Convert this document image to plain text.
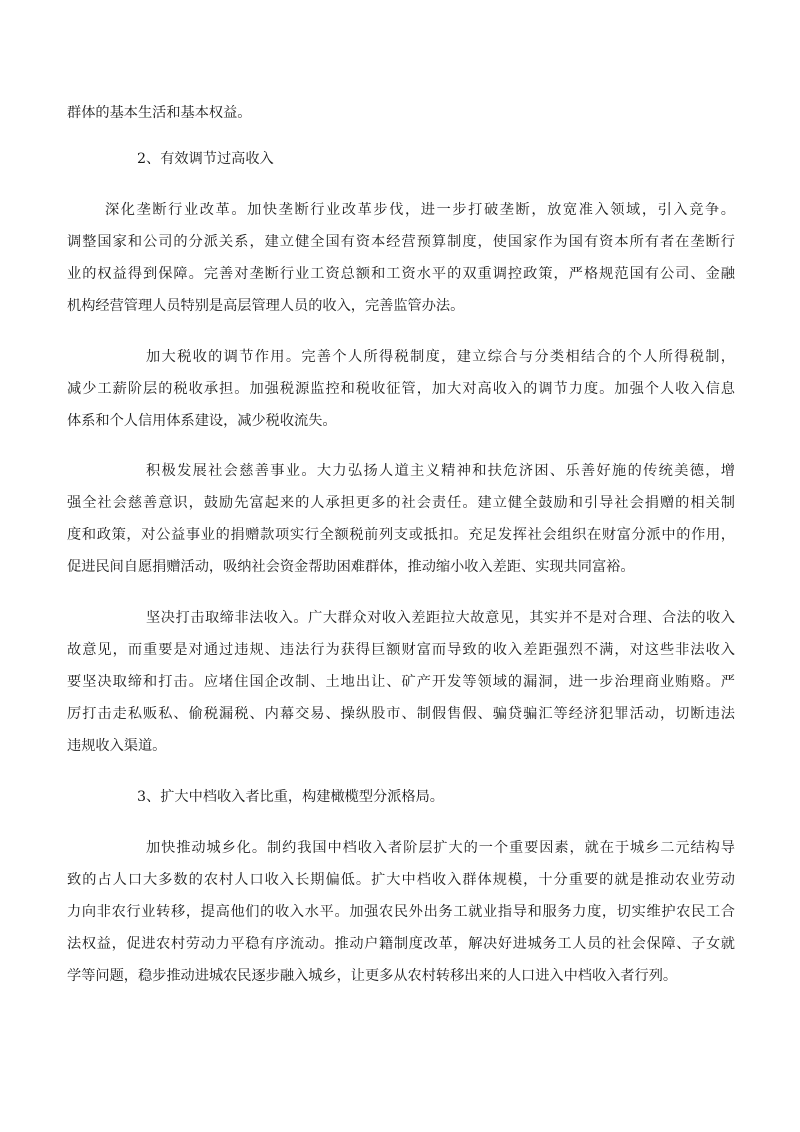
群体的基本生活和基本权益。
2、有效调节过高收入
深化垄断行业改革。加快垄断行业改革步伐，进一步打破垄断，放宽准入领域，引入竞争。
调整国家和公司的分派关系，建立健全国有资本经营预算制度，使国家作为国有资本所有者在垄断行
业的权益得到保障。完善对垄断行业工资总额和工资水平的双重调控政策，严格规范国有公司、金融
机构经营管理人员特别是高层管理人员的收入，完善监管办法。
加大税收的调节作用。完善个人所得税制度，建立综合与分类相结合的个人所得税制，
减少工薪阶层的税收承担。加强税源监控和税收征管，加大对高收入的调节力度。加强个人收入信息
体系和个人信用体系建设，减少税收流失。
积极发展社会慈善事业。大力弘扬人道主义精神和扶危济困、乐善好施的传统美德，增
强全社会慈善意识，鼓励先富起来的人承担更多的社会责任。建立健全鼓励和引导社会捐赠的相关制
度和政策，对公益事业的捐赠款项实行全额税前列支或抵扣。充足发挥社会组织在财富分派中的作用，
促进民间自愿捐赠活动，吸纳社会资金帮助困难群体，推动缩小收入差距、实现共同富裕。
坚决打击取缔非法收入。广大群众对收入差距拉大故意见，其实并不是对合理、合法的收入
故意见，而重要是对通过违规、违法行为获得巨额财富而导致的收入差距强烈不满，对这些非法收入
要坚决取缔和打击。应堵住国企改制、土地出让、矿产开发等领域的漏洞，进一步治理商业贿赂。严
厉打击走私贩私、偷税漏税、内幕交易、操纵股市、制假售假、骗贷骗汇等经济犯罪活动，切断违法
违规收入渠道。
3、扩大中档收入者比重，构建橄榄型分派格局。
加快推动城乡化。制约我国中档收入者阶层扩大的一个重要因素，就在于城乡二元结构导
致的占人口大多数的农村人口收入长期偏低。扩大中档收入群体规模，十分重要的就是推动农业劳动
力向非农行业转移，提高他们的收入水平。加强农民外出务工就业指导和服务力度，切实维护农民工合
法权益，促进农村劳动力平稳有序流动。推动户籍制度改革，解决好进城务工人员的社会保障、子女就
学等问题，稳步推动进城农民逐步融入城乡，让更多从农村转移出来的人口进入中档收入者行列。
